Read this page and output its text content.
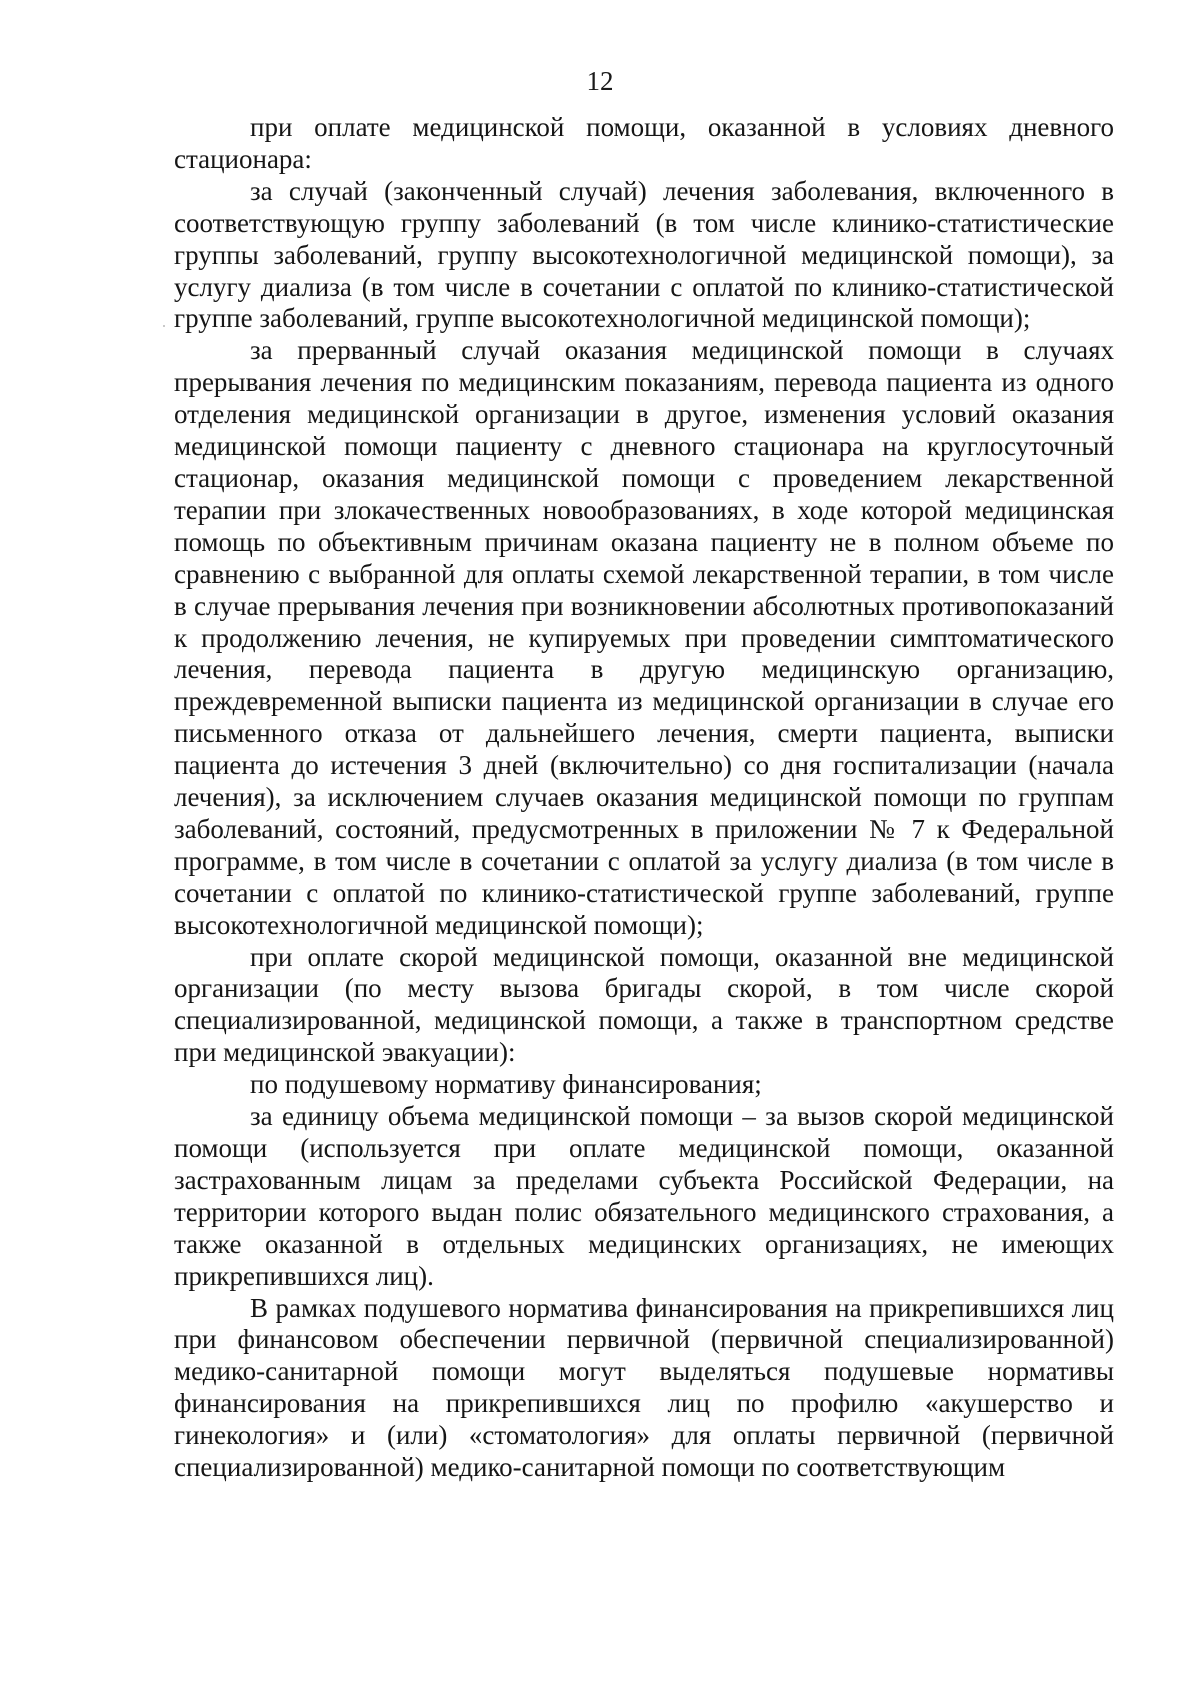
12

при оплате медицинской помощи, оказанной в условиях дневного стационара:

за случай (законченный случай) лечения заболевания, включенного в соответствующую группу заболеваний (в том числе клинико-статистические группы заболеваний, группу высокотехнологичной медицинской помощи), за услугу диализа (в том числе в сочетании с оплатой по клинико-статистической группе заболеваний, группе высокотехнологичной медицинской помощи);

за прерванный случай оказания медицинской помощи в случаях прерывания лечения по медицинским показаниям, перевода пациента из одного отделения медицинской организации в другое, изменения условий оказания медицинской помощи пациенту с дневного стационара на круглосуточный стационар, оказания медицинской помощи с проведением лекарственной терапии при злокачественных новообразованиях, в ходе которой медицинская помощь по объективным причинам оказана пациенту не в полном объеме по сравнению с выбранной для оплаты схемой лекарственной терапии, в том числе в случае прерывания лечения при возникновении абсолютных противопоказаний к продолжению лечения, не купируемых при проведении симптоматического лечения, перевода пациента в другую медицинскую организацию, преждевременной выписки пациента из медицинской организации в случае его письменного отказа от дальнейшего лечения, смерти пациента, выписки пациента до истечения 3 дней (включительно) со дня госпитализации (начала лечения), за исключением случаев оказания медицинской помощи по группам заболеваний, состояний, предусмотренных в приложении № 7 к Федеральной программе, в том числе в сочетании с оплатой за услугу диализа (в том числе в сочетании с оплатой по клинико-статистической группе заболеваний, группе высокотехнологичной медицинской помощи);

при оплате скорой медицинской помощи, оказанной вне медицинской организации (по месту вызова бригады скорой, в том числе скорой специализированной, медицинской помощи, а также в транспортном средстве при медицинской эвакуации):

по подушевому нормативу финансирования;

за единицу объема медицинской помощи – за вызов скорой медицинской помощи (используется при оплате медицинской помощи, оказанной застрахованным лицам за пределами субъекта Российской Федерации, на территории которого выдан полис обязательного медицинского страхования, а также оказанной в отдельных медицинских организациях, не имеющих прикрепившихся лиц).

В рамках подушевого норматива финансирования на прикрепившихся лиц при финансовом обеспечении первичной (первичной специализированной) медико-санитарной помощи могут выделяться подушевые нормативы финансирования на прикрепившихся лиц по профилю «акушерство и гинекология» и (или) «стоматология» для оплаты первичной (первичной специализированной) медико-санитарной помощи по соответствующим
